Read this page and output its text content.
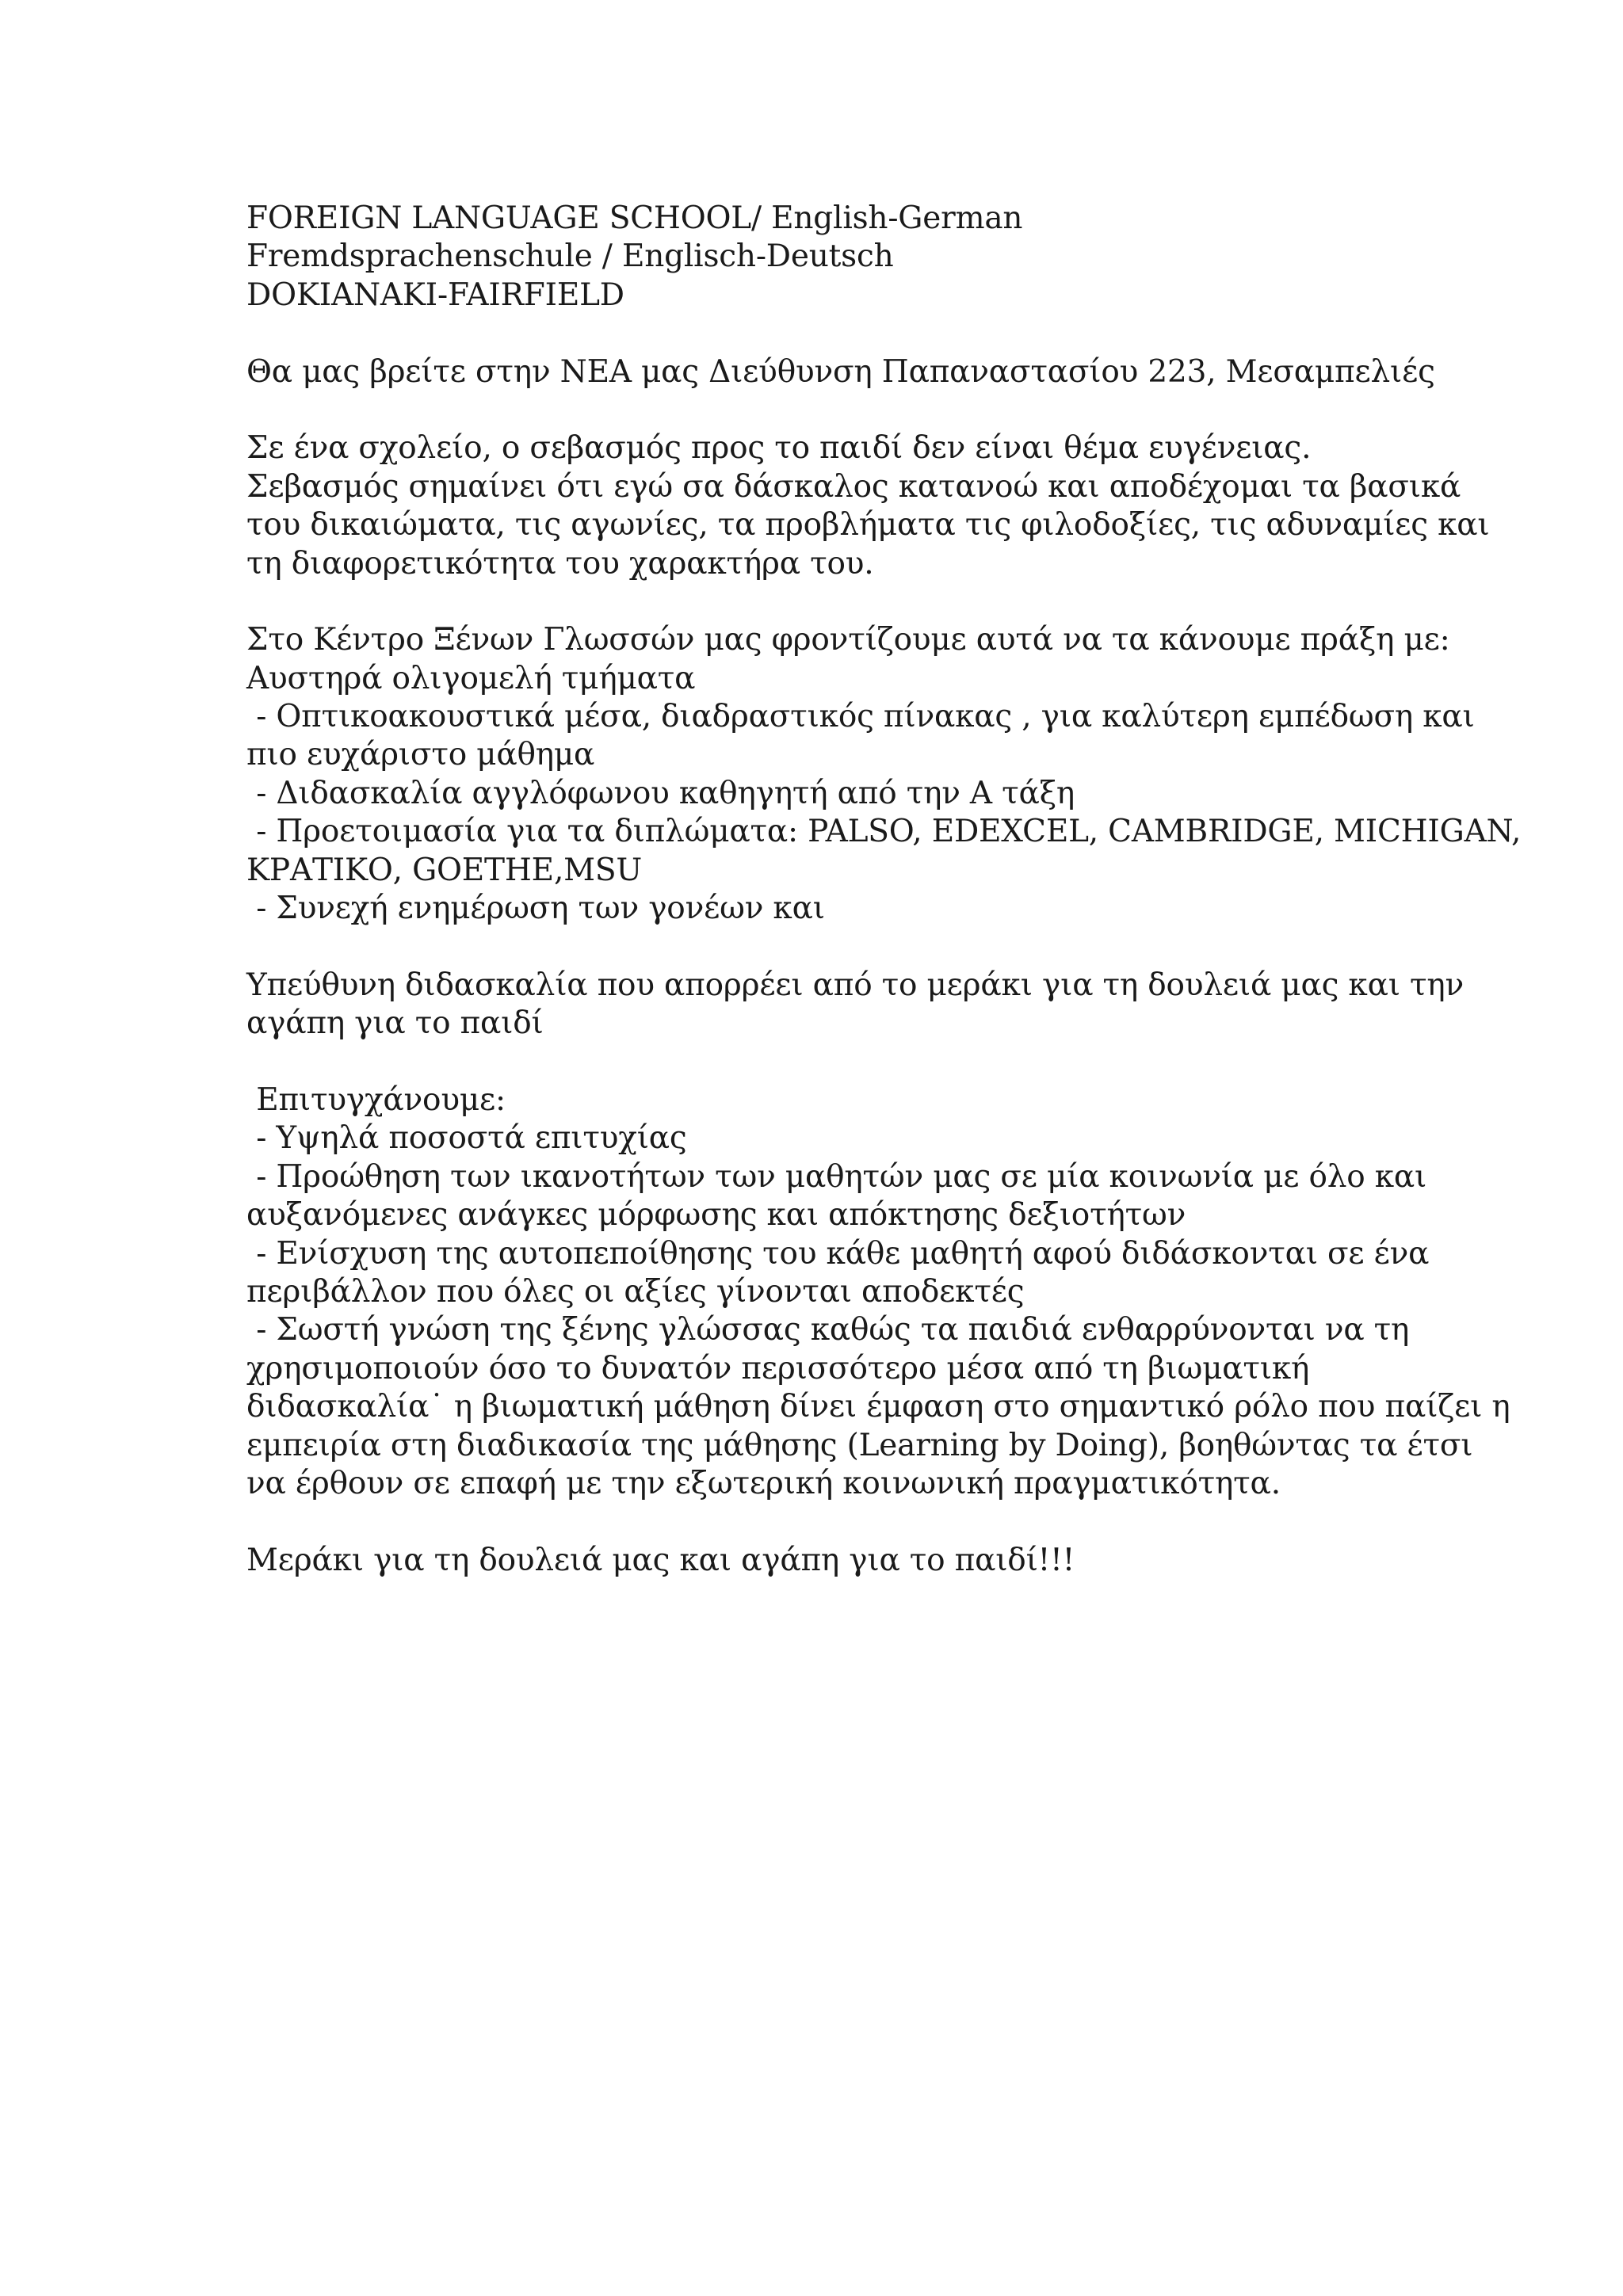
FOREIGN LANGUAGE SCHOOL/ English-German
Fremdsprachenschule / Englisch-Deutsch
DOKIANAKI-FAIRFIELD
Θα μας βρείτε στην ΝΕΑ μας Διεύθυνση Παπαναστασίου 223, Μεσαμπελιές
Σε ένα σχολείο, ο σεβασμός προς το παιδί δεν είναι θέμα ευγένειας.
Σεβασμός σημαίνει ότι εγώ σα δάσκαλος κατανοώ και αποδέχομαι τα βασικά
του δικαιώματα, τις αγωνίες, τα προβλήματα τις φιλοδοξίες, τις αδυναμίες και
τη διαφορετικότητα του χαρακτήρα του.
Στο Κέντρο Ξένων Γλωσσών μας φροντίζουμε αυτά να τα κάνουμε πράξη με:
Αυστηρά ολιγομελή τμήματα
- Οπτικοακουστικά μέσα, διαδραστικός πίνακας , για καλύτερη εμπέδωση και
πιο ευχάριστο μάθημα
- Διδασκαλία αγγλόφωνου καθηγητή από την Α τάξη
- Προετοιμασία για τα διπλώματα: PALSO, EDEXCEL, CAMBRIDGE, MICHIGAN,
ΚΡΑΤΙΚΟ, GOETHE,MSU
- Συνεχή ενημέρωση των γονέων και
Υπεύθυνη διδασκαλία που απορρέει από το μεράκι για τη δουλειά μας και την
αγάπη για το παιδί
Επιτυγχάνουμε:
- Υψηλά ποσοστά επιτυχίας
- Προώθηση των ικανοτήτων των μαθητών μας σε μία κοινωνία με όλο και
αυξανόμενες ανάγκες μόρφωσης και απόκτησης δεξιοτήτων
- Ενίσχυση της αυτοπεποίθησης του κάθε μαθητή αφού διδάσκονται σε ένα
περιβάλλον που όλες οι αξίες γίνονται αποδεκτές
- Σωστή γνώση της ξένης γλώσσας καθώς τα παιδιά ενθαρρύνονται να τη
χρησιμοποιούν όσο το δυνατόν περισσότερο μέσα από τη βιωματική
διδασκαλία˙ η βιωματική μάθηση δίνει έμφαση στο σημαντικό ρόλο που παίζει η
εμπειρία στη διαδικασία της μάθησης (Learning by Doing), βοηθώντας τα έτσι
να έρθουν σε επαφή με την εξωτερική κοινωνική πραγματικότητα.
Μεράκι για τη δουλειά μας και αγάπη για το παιδί!!!
